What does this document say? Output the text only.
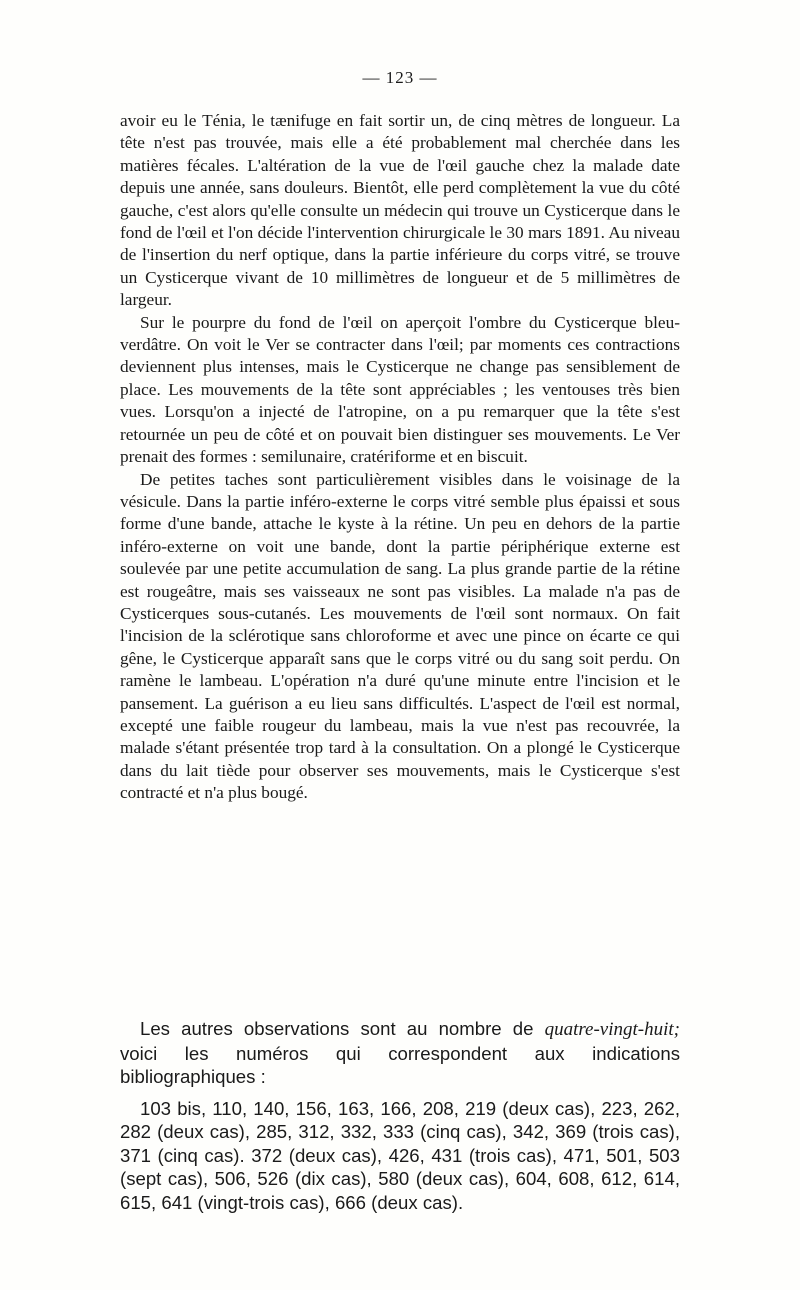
— 123 —

avoir eu le Ténia, le tænifuge en fait sortir un, de cinq mètres de longueur. La tête n'est pas trouvée, mais elle a été probablement mal cherchée dans les matières fécales. L'altération de la vue de l'œil gauche chez la malade date depuis une année, sans douleurs. Bientôt, elle perd complètement la vue du côté gauche, c'est alors qu'elle consulte un médecin qui trouve un Cysticerque dans le fond de l'œil et l'on décide l'intervention chirurgicale le 30 mars 1891. Au niveau de l'insertion du nerf optique, dans la partie inférieure du corps vitré, se trouve un Cysticerque vivant de 10 millimètres de longueur et de 5 millimètres de largeur.

Sur le pourpre du fond de l'œil on aperçoit l'ombre du Cysticerque bleu-verdâtre. On voit le Ver se contracter dans l'œil; par moments ces contractions deviennent plus intenses, mais le Cysticerque ne change pas sensiblement de place. Les mouvements de la tête sont appréciables ; les ventouses très bien vues. Lorsqu'on a injecté de l'atropine, on a pu remarquer que la tête s'est retournée un peu de côté et on pouvait bien distinguer ses mouvements. Le Ver prenait des formes : semilunaire, cratériforme et en biscuit.

De petites taches sont particulièrement visibles dans le voisinage de la vésicule. Dans la partie inféro-externe le corps vitré semble plus épaissi et sous forme d'une bande, attache le kyste à la rétine. Un peu en dehors de la partie inféro-externe on voit une bande, dont la partie périphérique externe est soulevée par une petite accumulation de sang. La plus grande partie de la rétine est rougeâtre, mais ses vaisseaux ne sont pas visibles. La malade n'a pas de Cysticerques sous-cutanés. Les mouvements de l'œil sont normaux. On fait l'incision de la sclérotique sans chloroforme et avec une pince on écarte ce qui gêne, le Cysticerque apparaît sans que le corps vitré ou du sang soit perdu. On ramène le lambeau. L'opération n'a duré qu'une minute entre l'incision et le pansement. La guérison a eu lieu sans difficultés. L'aspect de l'œil est normal, excepté une faible rougeur du lambeau, mais la vue n'est pas recouvrée, la malade s'étant présentée trop tard à la consultation. On a plongé le Cysticerque dans du lait tiède pour observer ses mouvements, mais le Cysticerque s'est contracté et n'a plus bougé.

Les autres observations sont au nombre de quatre-vingt-huit; voici les numéros qui correspondent aux indications bibliographiques :

103 bis, 110, 140, 156, 163, 166, 208, 219 (deux cas), 223, 262, 282 (deux cas), 285, 312, 332, 333 (cinq cas), 342, 369 (trois cas), 371 (cinq cas). 372 (deux cas), 426, 431 (trois cas), 471, 501, 503 (sept cas), 506, 526 (dix cas), 580 (deux cas), 604, 608, 612, 614, 615, 641 (vingt-trois cas), 666 (deux cas).
